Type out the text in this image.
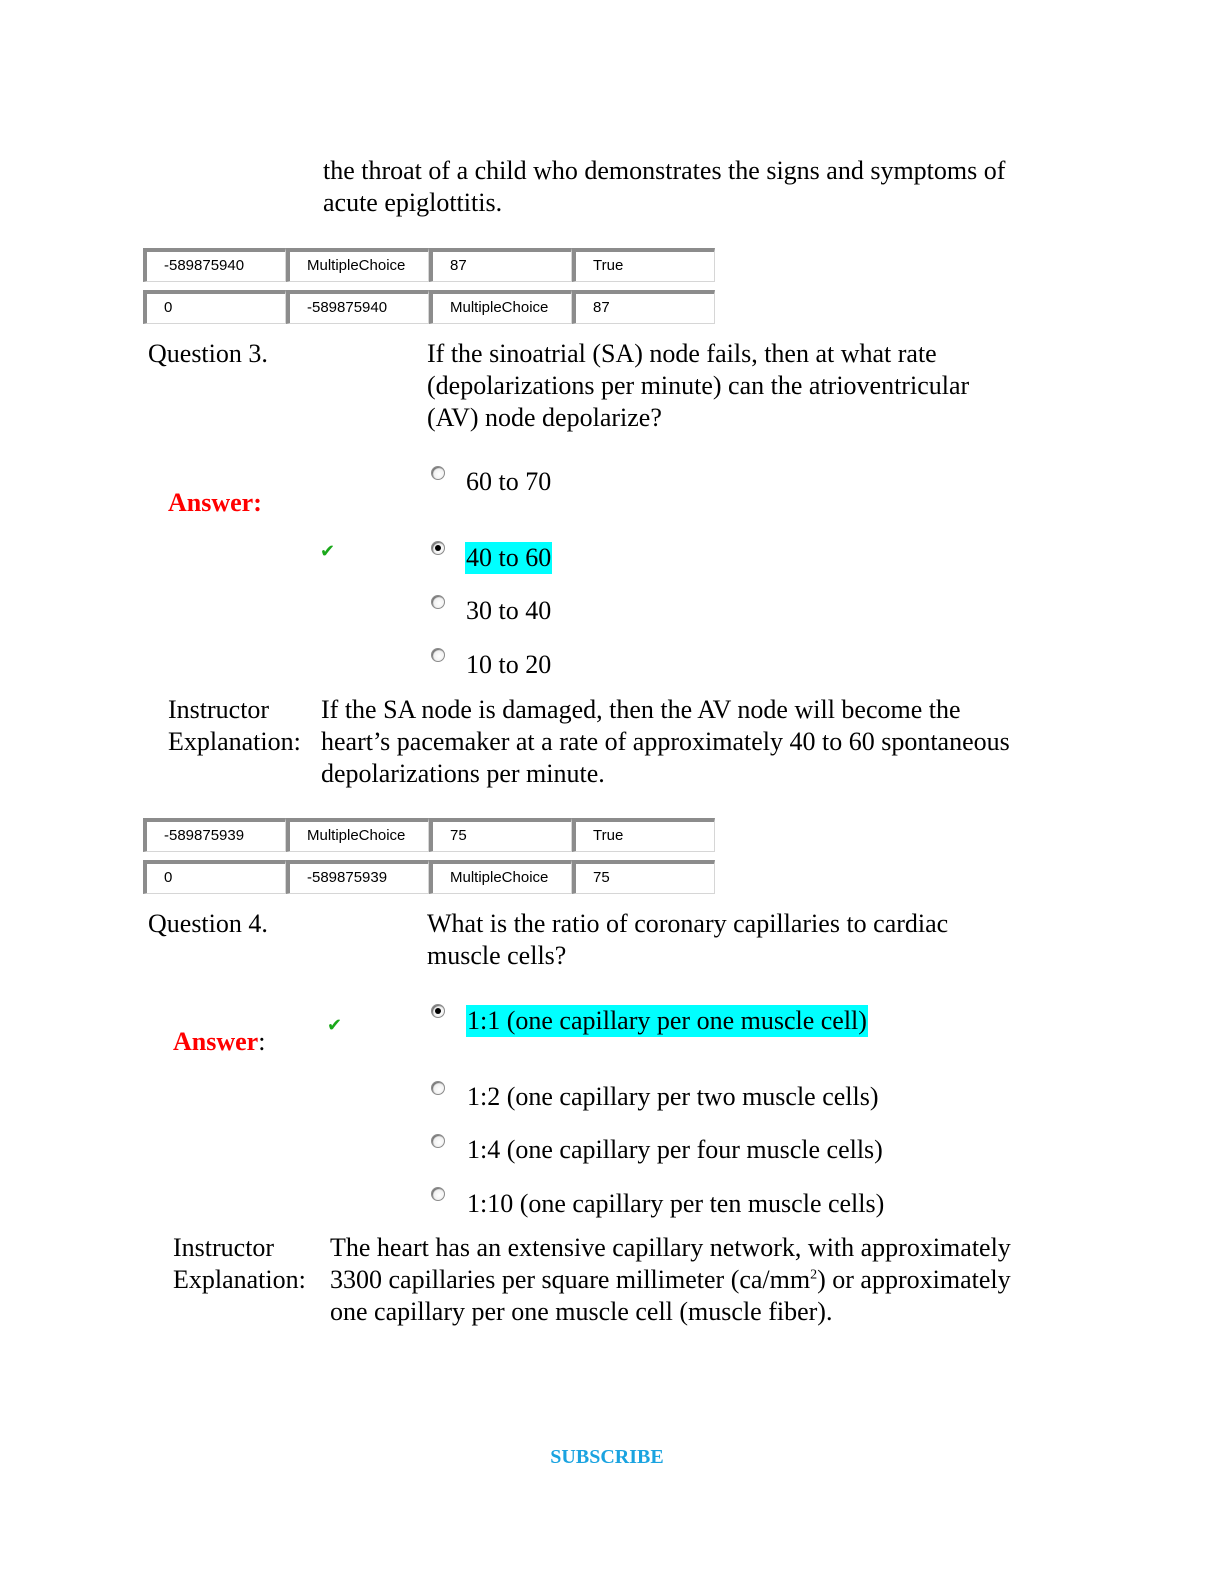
the throat of a child who demonstrates the signs and symptoms of
acute epiglottitis.
-589875940	MultipleChoice	87	True
0	-589875940	MultipleChoice	87
Question 3.	If the sinoatrial (SA) node fails, then at what rate
(depolarizations per minute) can the atrioventricular
(AV) node depolarize?
Answer:
✔
60 to 70
40 to 60
30 to 40
10 to 20
Instructor
Explanation:
If the SA node is damaged, then the AV node will become the
heart’s pacemaker at a rate of approximately 40 to 60 spontaneous
depolarizations per minute.
-589875939	MultipleChoice	75	True
0	-589875939	MultipleChoice	75
Question 4.	What is the ratio of coronary capillaries to cardiac
muscle cells?
Answer:
✔	1:1 (one capillary per one muscle cell)
1:2 (one capillary per two muscle cells)
1:4 (one capillary per four muscle cells)
1:10 (one capillary per ten muscle cells)
Instructor
Explanation:
The heart has an extensive capillary network, with approximately
3300 capillaries per square millimeter $(ca/mm^2)$ or approximately
one capillary per one muscle cell (muscle fiber).
SUBSCRIBE
